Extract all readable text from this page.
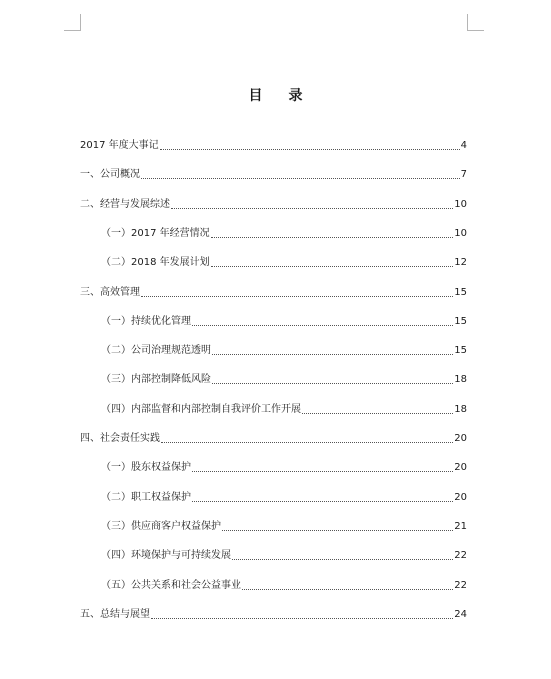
目录
2017 年度大事记	4
一、公司概况	7
二、经营与发展综述	10
（一）2017 年经营情况	10
（二）2018 年发展计划	12
三、高效管理	15
（一）持续优化管理	15
（二）公司治理规范透明	15
（三）内部控制降低风险	18
（四）内部监督和内部控制自我评价工作开展	18
四、社会责任实践	20
（一）股东权益保护	20
（二）职工权益保护	20
（三）供应商客户权益保护	21
（四）环境保护与可持续发展	22
（五）公共关系和社会公益事业	22
五、总结与展望	24
